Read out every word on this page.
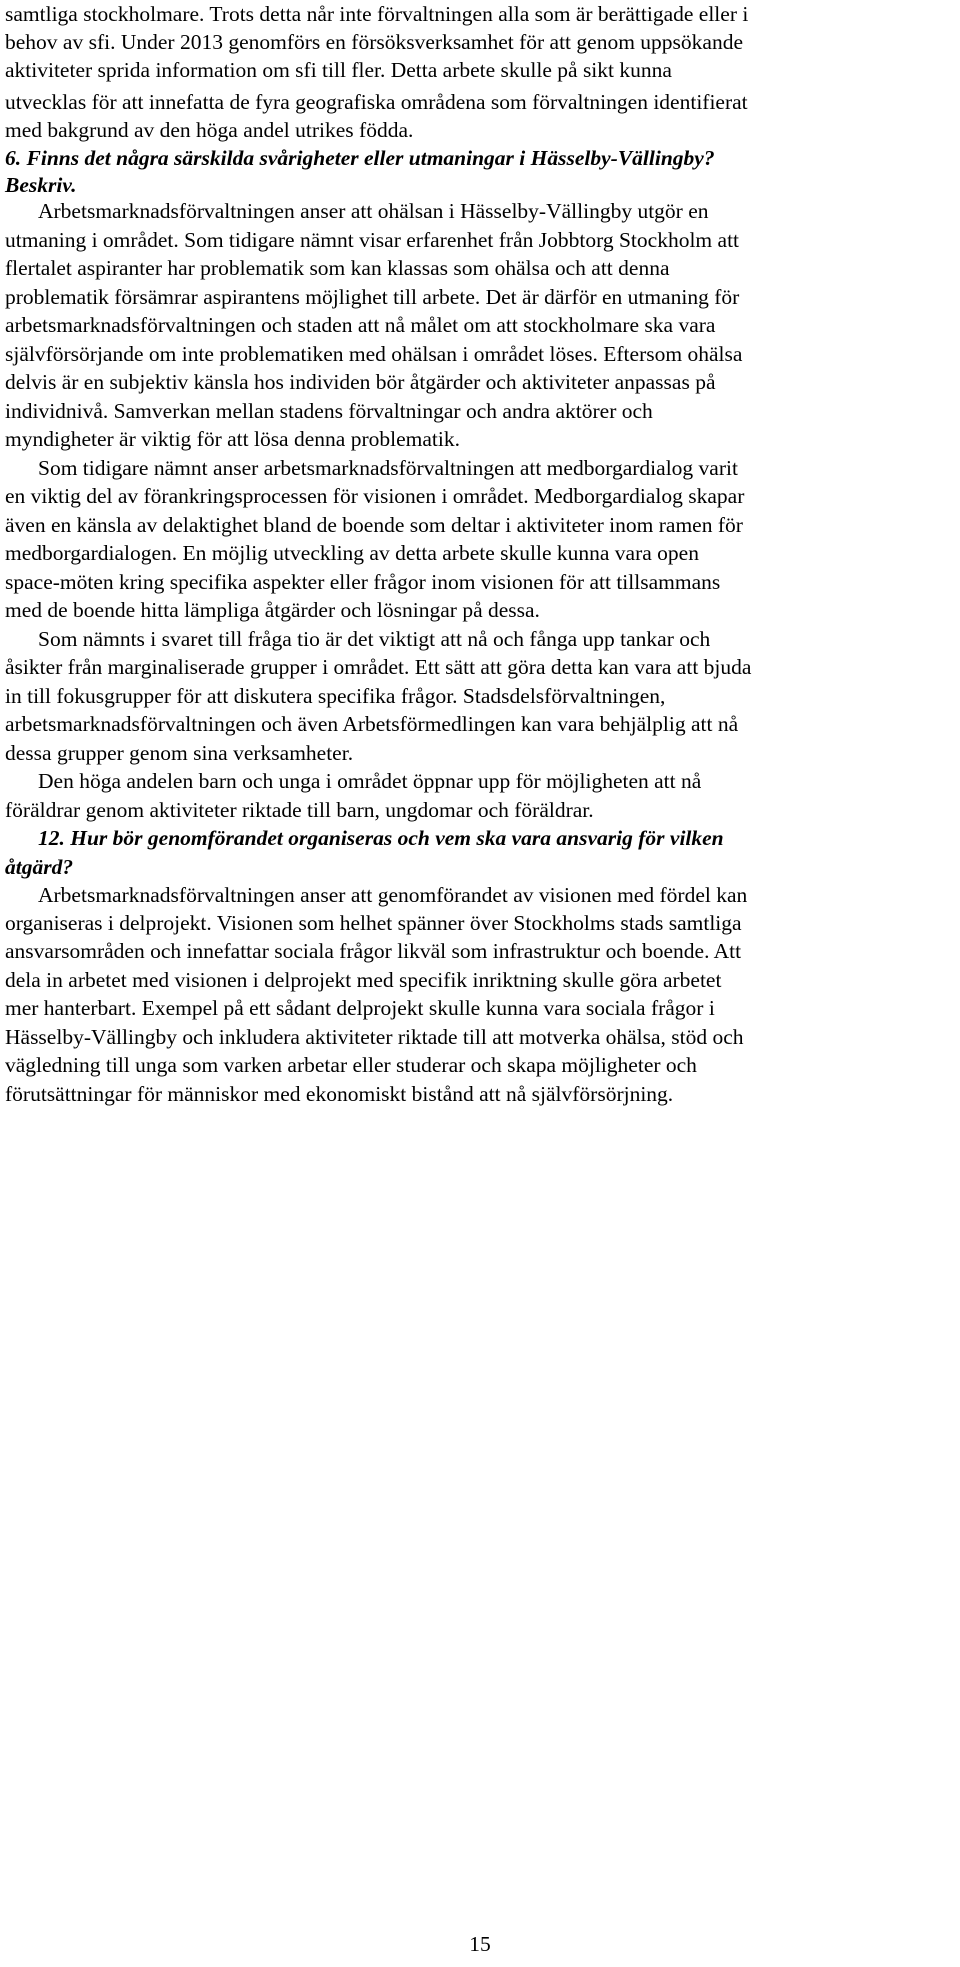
samtliga stockholmare. Trots detta når inte förvaltningen alla som är berättigade eller i
behov av sfi. Under 2013 genomförs en försöksverksamhet för att genom uppsökande
aktiviteter sprida information om sfi till fler. Detta arbete skulle på sikt kunna
utvecklas för att innefatta de fyra geografiska områdena som förvaltningen identifierat
med bakgrund av den höga andel utrikes födda.
6. Finns det några särskilda svårigheter eller utmaningar i Hässelby-Vällingby?
Beskriv.
Arbetsmarknadsförvaltningen anser att ohälsan i Hässelby-Vällingby utgör en
utmaning i området. Som tidigare nämnt visar erfarenhet från Jobbtorg Stockholm att
flertalet aspiranter har problematik som kan klassas som ohälsa och att denna
problematik försämrar aspirantens möjlighet till arbete. Det är därför en utmaning för
arbetsmarknadsförvaltningen och staden att nå målet om att stockholmare ska vara
självförsörjande om inte problematiken med ohälsan i området löses. Eftersom ohälsa
delvis är en subjektiv känsla hos individen bör åtgärder och aktiviteter anpassas på
individnivå. Samverkan mellan stadens förvaltningar och andra aktörer och
myndigheter är viktig för att lösa denna problematik.
Som tidigare nämnt anser arbetsmarknadsförvaltningen att medborgardialog varit
en viktig del av förankringsprocessen för visionen i området. Medborgardialog skapar
även en känsla av delaktighet bland de boende som deltar i aktiviteter inom ramen för
medborgardialogen. En möjlig utveckling av detta arbete skulle kunna vara open
space-möten kring specifika aspekter eller frågor inom visionen för att tillsammans
med de boende hitta lämpliga åtgärder och lösningar på dessa.
Som nämnts i svaret till fråga tio är det viktigt att nå och fånga upp tankar och
åsikter från marginaliserade grupper i området. Ett sätt att göra detta kan vara att bjuda
in till fokusgrupper för att diskutera specifika frågor. Stadsdelsförvaltningen,
arbetsmarknadsförvaltningen och även Arbetsförmedlingen kan vara behjälplig att nå
dessa grupper genom sina verksamheter.
Den höga andelen barn och unga i området öppnar upp för möjligheten att nå
föräldrar genom aktiviteter riktade till barn, ungdomar och föräldrar.
12. Hur bör genomförandet organiseras och vem ska vara ansvarig för vilken
åtgärd?
Arbetsmarknadsförvaltningen anser att genomförandet av visionen med fördel kan
organiseras i delprojekt. Visionen som helhet spänner över Stockholms stads samtliga
ansvarsområden och innefattar sociala frågor likväl som infrastruktur och boende. Att
dela in arbetet med visionen i delprojekt med specifik inriktning skulle göra arbetet
mer hanterbart. Exempel på ett sådant delprojekt skulle kunna vara sociala frågor i
Hässelby-Vällingby och inkludera aktiviteter riktade till att motverka ohälsa, stöd och
vägledning till unga som varken arbetar eller studerar och skapa möjligheter och
förutsättningar för människor med ekonomiskt bistånd att nå självförsörjning.
15
